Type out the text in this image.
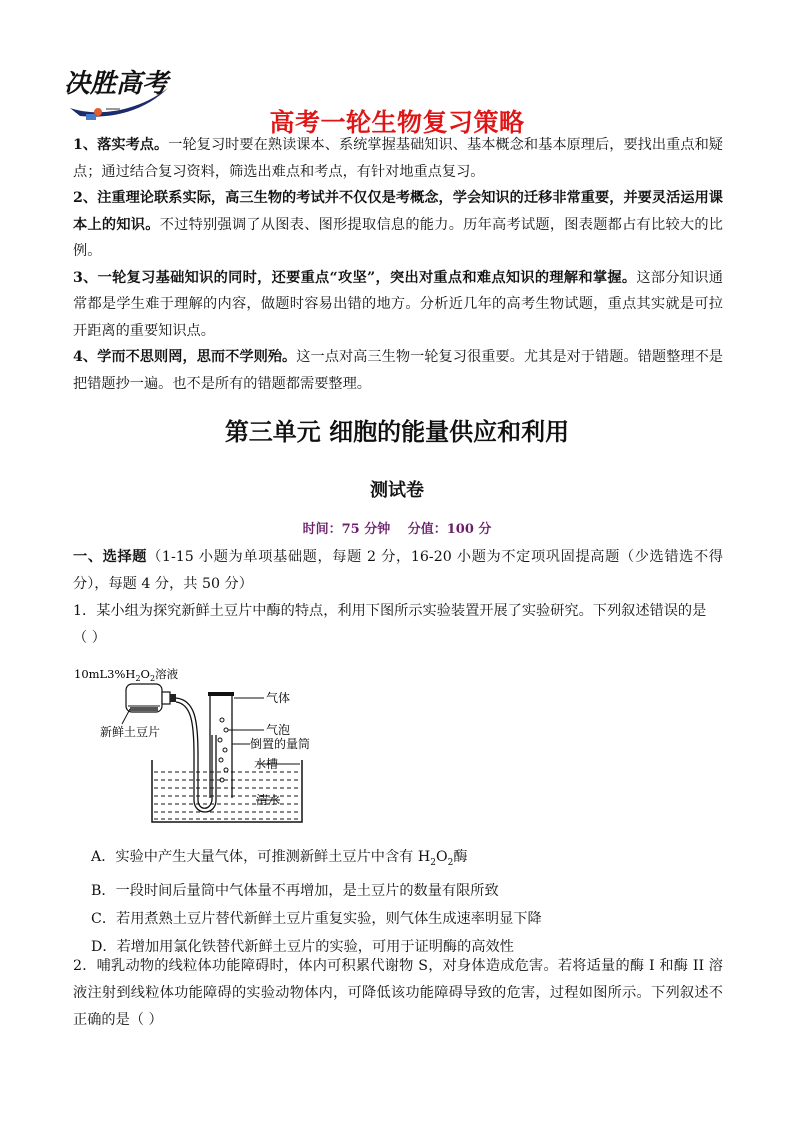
决胜高考
高考一轮生物复习策略

1、落实考点。一轮复习时要在熟读课本、系统掌握基础知识、基本概念和基本原理后，要找出重点和疑点；通过结合复习资料，筛选出难点和考点，有针对地重点复习。

2、注重理论联系实际，高三生物的考试并不仅仅是考概念，学会知识的迁移非常重要，并要灵活运用课本上的知识。不过特别强调了从图表、图形提取信息的能力。历年高考试题，图表题都占有比较大的比例。

3、一轮复习基础知识的同时，还要重点“攻坚”，突出对重点和难点知识的理解和掌握。这部分知识通常都是学生难于理解的内容，做题时容易出错的地方。分析近几年的高考生物试题，重点其实就是可拉开距离的重要知识点。

4、学而不思则罔，思而不学则殆。这一点对高三生物一轮复习很重要。尤其是对于错题。错题整理不是把错题抄一遍。也不是所有的错题都需要整理。

第三单元 细胞的能量供应和利用
测试卷
时间：75 分钟　 分值：100 分

一、选择题（1-15 小题为单项基础题，每题 2 分，16-20 小题为不定项巩固提高题（少选错选不得分），每题 4 分，共 50 分）

1．某小组为探究新鲜土豆片中酶的特点，利用下图所示实验装置开展了实验研究。下列叙述错误的是

（ ）

$10mL3\%H_2O_2$溶液
新鲜土豆片
气体
气泡
倒置的量筒
水槽
清水

A．实验中产生大量气体，可推测新鲜土豆片中含有 $H_2O_2$酶

B．一段时间后量筒中气体量不再增加，是土豆片的数量有限所致

C．若用煮熟土豆片替代新鲜土豆片重复实验，则气体生成速率明显下降

D．若增加用氯化铁替代新鲜土豆片的实验，可用于证明酶的高效性

2．哺乳动物的线粒体功能障碍时，体内可积累代谢物 S，对身体造成危害。若将适量的酶 I 和酶 II 溶液注射到线粒体功能障碍的实验动物体内，可降低该功能障碍导致的危害，过程如图所示。下列叙述不正确的是（ ）
